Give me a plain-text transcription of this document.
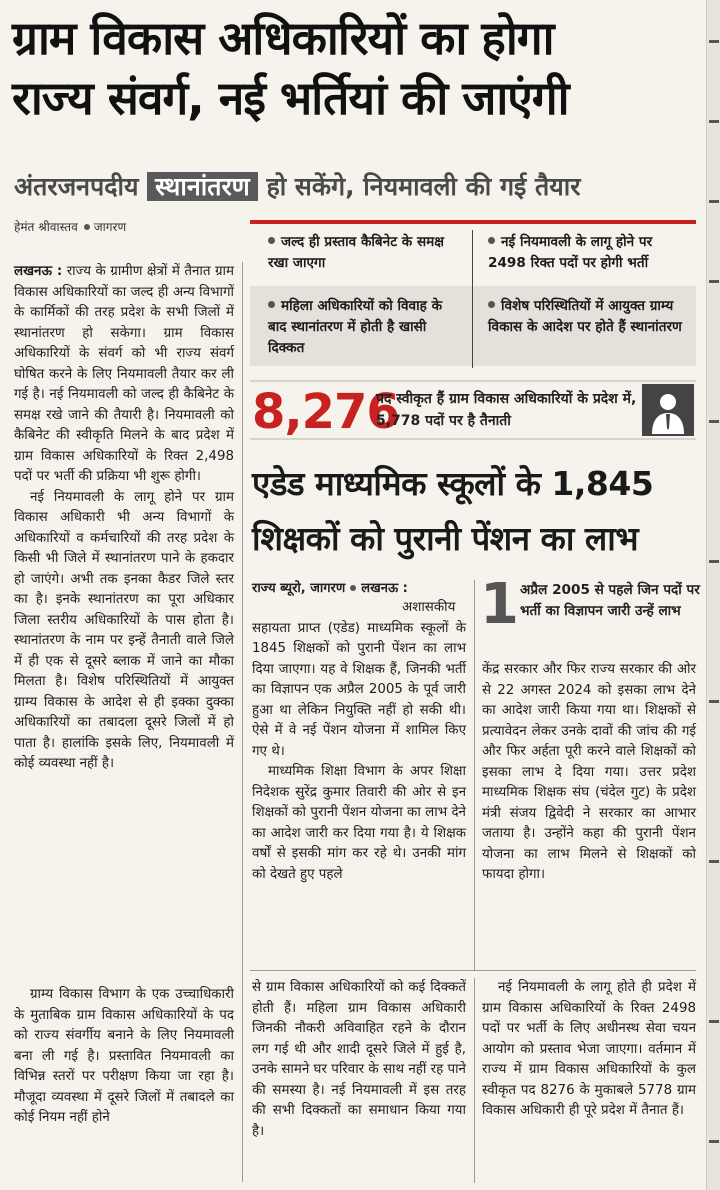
ग्राम विकास अधिकारियों का होगा
राज्य संवर्ग, नई भर्तियां की जाएंगी
अंतरजनपदीय स्थानांतरण हो सकेंगे, नियमावली की गई तैयार
हेमंत श्रीवास्तव जागरण

लखनऊ : राज्य के ग्रामीण क्षेत्रों में तैनात ग्राम विकास अधिकारियों का जल्द ही अन्य विभागों के कार्मिकों की तरह प्रदेश के सभी जिलों में स्थानांतरण हो सकेगा। ग्राम विकास अधिकारियों के संवर्ग को भी राज्य संवर्ग घोषित करने के लिए नियमावली तैयार कर ली गई है। नई नियमावली को जल्द ही कैबिनेट के समक्ष रखे जाने की तैयारी है। नियमावली को कैबिनेट की स्वीकृति मिलने के बाद प्रदेश में ग्राम विकास अधिकारियों के रिक्त 2,498 पदों पर भर्ती की प्रक्रिया भी शुरू होगी।

नई नियमावली के लागू होने पर ग्राम विकास अधिकारी भी अन्य विभागों के अधिकारियों व कर्मचारियों की तरह प्रदेश के किसी भी जिले में स्थानांतरण पाने के हकदार हो जाएंगे। अभी तक इनका कैडर जिले स्तर का है। इनके स्थानांतरण का पूरा अधिकार जिला स्तरीय अधिकारियों के पास होता है। स्थानांतरण के नाम पर इन्हें तैनाती वाले जिले में ही एक से दूसरे ब्लाक में जाने का मौका मिलता है। विशेष परिस्थितियों में आयुक्त ग्राम्य विकास के आदेश से ही इक्का दुक्का अधिकारियों का तबादला दूसरे जिलों में हो पाता है। हालांकि इसके लिए, नियमावली में कोई व्यवस्था नहीं है।

ग्राम्य विकास विभाग के एक उच्चाधिकारी के मुताबिक ग्राम विकास अधिकारियों के पद को राज्य संवर्गीय बनाने के लिए नियमावली बना ली गई है। प्रस्तावित नियमावली का विभिन्न स्तरों पर परीक्षण किया जा रहा है। मौजूदा व्यवस्था में दूसरे जिलों में तबादले का कोई नियम नहीं होने

जल्द ही प्रस्ताव कैबिनेट के समक्ष रखा जाएगा
नई नियमावली के लागू होने पर 2498 रिक्त पदों पर होगी भर्ती
महिला अधिकारियों को विवाह के बाद स्थानांतरण में होती है खासी दिक्कत
विशेष परिस्थितियों में आयुक्त ग्राम्य विकास के आदेश पर होते हैं स्थानांतरण
8,276
पद स्वीकृत हैं ग्राम विकास अधिकारियों के प्रदेश में, 5,778 पदों पर है तैनाती
एडेड माध्यमिक स्कूलों के 1,845
शिक्षकों को पुरानी पेंशन का लाभ
राज्य ब्यूरो, जागरण लखनऊ :

अशासकीय सहायता प्राप्त (एडेड) माध्यमिक स्कूलों के 1845 शिक्षकों को पुरानी पेंशन का लाभ दिया जाएगा। यह वे शिक्षक हैं, जिनकी भर्ती का विज्ञापन एक अप्रैल 2005 के पूर्व जारी हुआ था लेकिन नियुक्ति नहीं हो सकी थी। ऐसे में वे नई पेंशन योजना में शामिल किए गए थे।

माध्यमिक शिक्षा विभाग के अपर शिक्षा निदेशक सुरेंद्र कुमार तिवारी की ओर से इन शिक्षकों को पुरानी पेंशन योजना का लाभ देने का आदेश जारी कर दिया गया है। ये शिक्षक वर्षों से इसकी मांग कर रहे थे। उनकी मांग को देखते हुए पहले

1 अप्रैल 2005 से पहले जिन पदों पर भर्ती का विज्ञापन जारी उन्हें लाभ

केंद्र सरकार और फिर राज्य सरकार की ओर से 22 अगस्त 2024 को इसका लाभ देने का आदेश जारी किया गया था। शिक्षकों से प्रत्यावेदन लेकर उनके दावों की जांच की गई और फिर अर्हता पूरी करने वाले शिक्षकों को इसका लाभ दे दिया गया। उत्तर प्रदेश माध्यमिक शिक्षक संघ (चंदेल गुट) के प्रदेश मंत्री संजय द्विवेदी ने सरकार का आभार जताया है। उन्होंने कहा की पुरानी पेंशन योजना का लाभ मिलने से शिक्षकों को फायदा होगा।

से ग्राम विकास अधिकारियों को कई दिक्कतें होती हैं। महिला ग्राम विकास अधिकारी जिनकी नौकरी अविवाहित रहने के दौरान लग गई थी और शादी दूसरे जिले में हुई है, उनके सामने घर परिवार के साथ नहीं रह पाने की समस्या है। नई नियमावली में इस तरह की सभी दिक्कतों का समाधान किया गया है।

नई नियमावली के लागू होते ही प्रदेश में ग्राम विकास अधिकारियों के रिक्त 2498 पदों पर भर्ती के लिए अधीनस्थ सेवा चयन आयोग को प्रस्ताव भेजा जाएगा। वर्तमान में राज्य में ग्राम विकास अधिकारियों के कुल स्वीकृत पद 8276 के मुकाबले 5778 ग्राम विकास अधिकारी ही पूरे प्रदेश में तैनात हैं।
